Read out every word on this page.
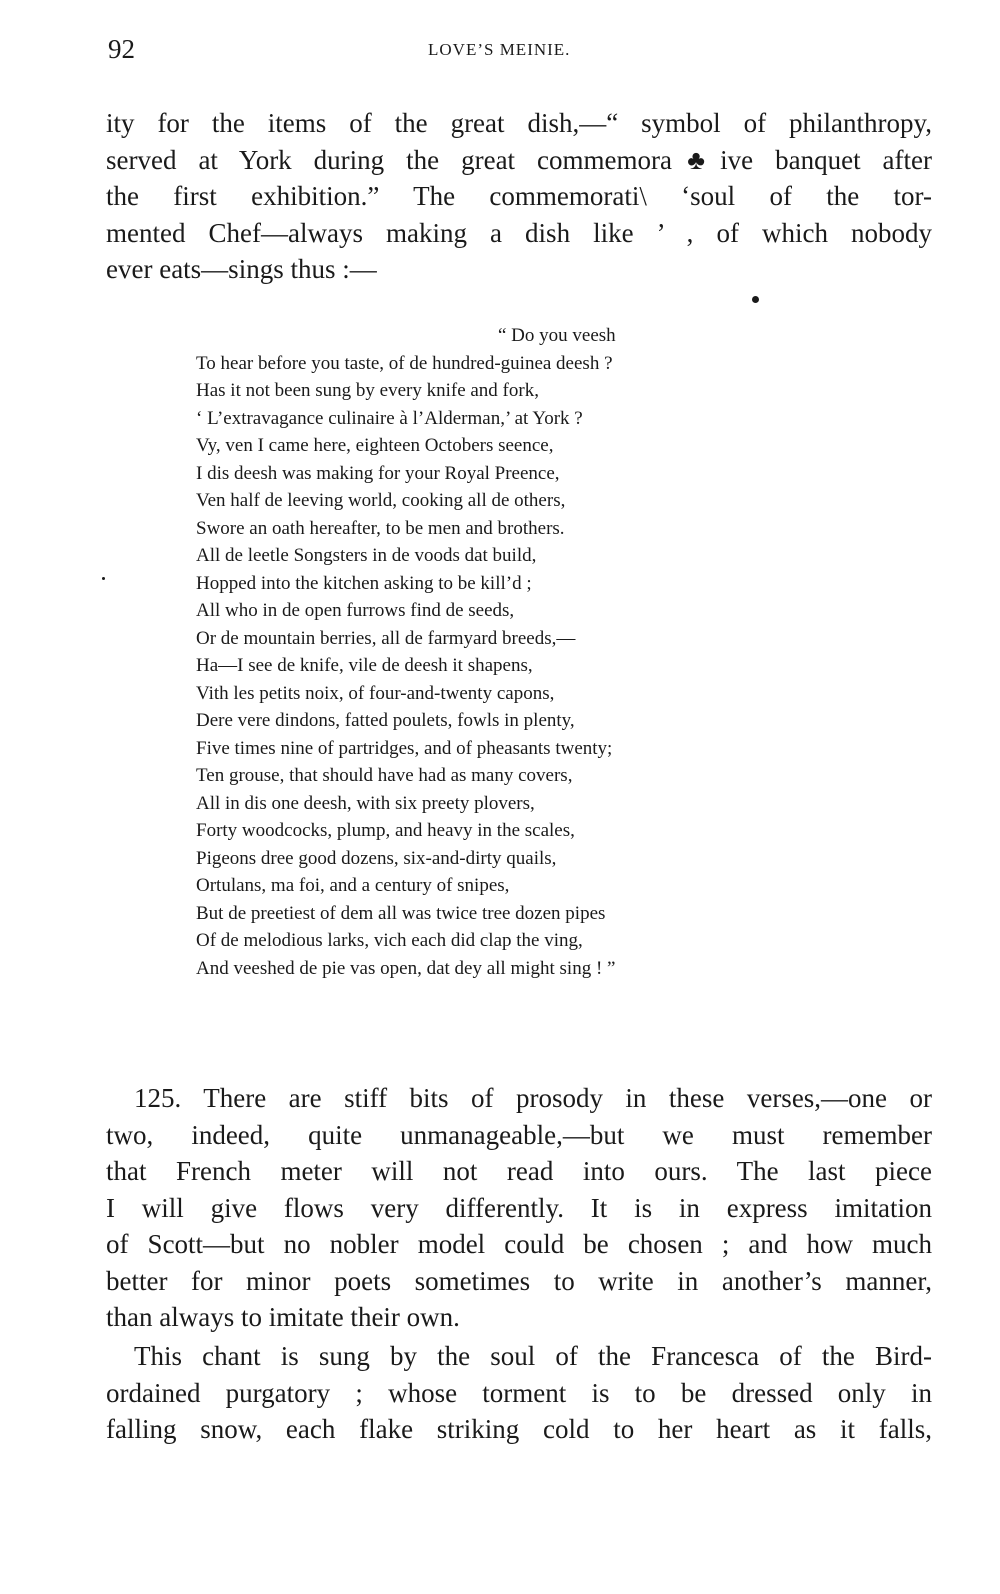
92	LOVE’S MEINIE.
ity for the items of the great dish,—“ symbol of philanthropy,
served at York during the great commemora♣ive banquet after
the first exhibition.” The commemorati\ ‘soul of the tor-
mented Chef—always making a dish like ’ , of which nobody
ever eats—sings thus :—
“ Do you veesh
To hear before you taste, of de hundred-guinea deesh ?
Has it not been sung by every knife and fork,
‘ L’extravagance culinaire à l’Alderman,’ at York ?
Vy, ven I came here, eighteen Octobers seence,
I dis deesh was making for your Royal Preence,
Ven half de leeving world, cooking all de others,
Swore an oath hereafter, to be men and brothers.
All de leetle Songsters in de voods dat build,
Hopped into the kitchen asking to be kill’d ;
All who in de open furrows find de seeds,
Or de mountain berries, all de farmyard breeds,—
Ha—I see de knife, vile de deesh it shapens,
Vith les petits noix, of four-and-twenty capons,
Dere vere dindons, fatted poulets, fowls in plenty,
Five times nine of partridges, and of pheasants twenty;
Ten grouse, that should have had as many covers,
All in dis one deesh, with six preety plovers,
Forty woodcocks, plump, and heavy in the scales,
Pigeons dree good dozens, six-and-dirty quails,
Ortulans, ma foi, and a century of snipes,
But de preetiest of dem all was twice tree dozen pipes
Of de melodious larks, vich each did clap the ving,
And veeshed de pie vas open, dat dey all might sing ! ”
125. There are stiff bits of prosody in these verses,—one or
two, indeed, quite unmanageable,—but we must remember
that French meter will not read into ours. The last piece
I will give flows very differently. It is in express imitation
of Scott—but no nobler model could be chosen ; and how much
better for minor poets sometimes to write in another’s manner,
than always to imitate their own.
This chant is sung by the soul of the Francesca of the Bird-
ordained purgatory ; whose torment is to be dressed only in
falling snow, each flake striking cold to her heart as it falls,
